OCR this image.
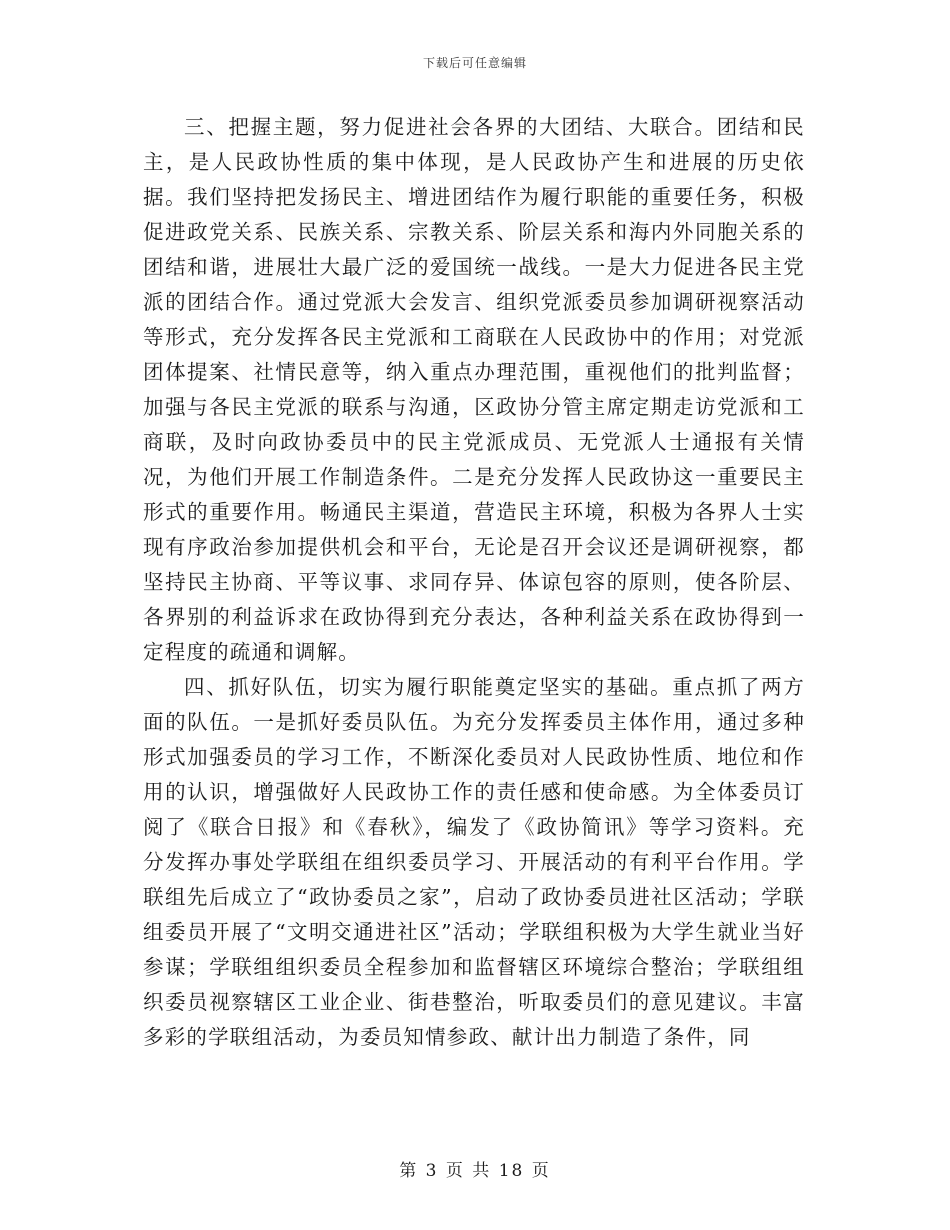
下载后可任意编辑

三、把握主题，努力促进社会各界的大团结、大联合。团结和民主，是人民政协性质的集中体现，是人民政协产生和进展的历史依据。我们坚持把发扬民主、增进团结作为履行职能的重要任务，积极促进政党关系、民族关系、宗教关系、阶层关系和海内外同胞关系的团结和谐，进展壮大最广泛的爱国统一战线。一是大力促进各民主党派的团结合作。通过党派大会发言、组织党派委员参加调研视察活动等形式，充分发挥各民主党派和工商联在人民政协中的作用；对党派团体提案、社情民意等，纳入重点办理范围，重视他们的批判监督；加强与各民主党派的联系与沟通，区政协分管主席定期走访党派和工商联，及时向政协委员中的民主党派成员、无党派人士通报有关情况，为他们开展工作制造条件。二是充分发挥人民政协这一重要民主形式的重要作用。畅通民主渠道，营造民主环境，积极为各界人士实现有序政治参加提供机会和平台，无论是召开会议还是调研视察，都坚持民主协商、平等议事、求同存异、体谅包容的原则，使各阶层、各界别的利益诉求在政协得到充分表达，各种利益关系在政协得到一定程度的疏通和调解。

四、抓好队伍，切实为履行职能奠定坚实的基础。重点抓了两方面的队伍。一是抓好委员队伍。为充分发挥委员主体作用，通过多种形式加强委员的学习工作，不断深化委员对人民政协性质、地位和作用的认识，增强做好人民政协工作的责任感和使命感。为全体委员订阅了《联合日报》和《春秋》，编发了《政协简讯》等学习资料。充分发挥办事处学联组在组织委员学习、开展活动的有利平台作用。学联组先后成立了“政协委员之家”，启动了政协委员进社区活动；学联组委员开展了“文明交通进社区”活动；学联组积极为大学生就业当好参谋；学联组组织委员全程参加和监督辖区环境综合整治；学联组组织委员视察辖区工业企业、街巷整治，听取委员们的意见建议。丰富多彩的学联组活动，为委员知情参政、献计出力制造了条件，同

第 3 页 共 18 页
